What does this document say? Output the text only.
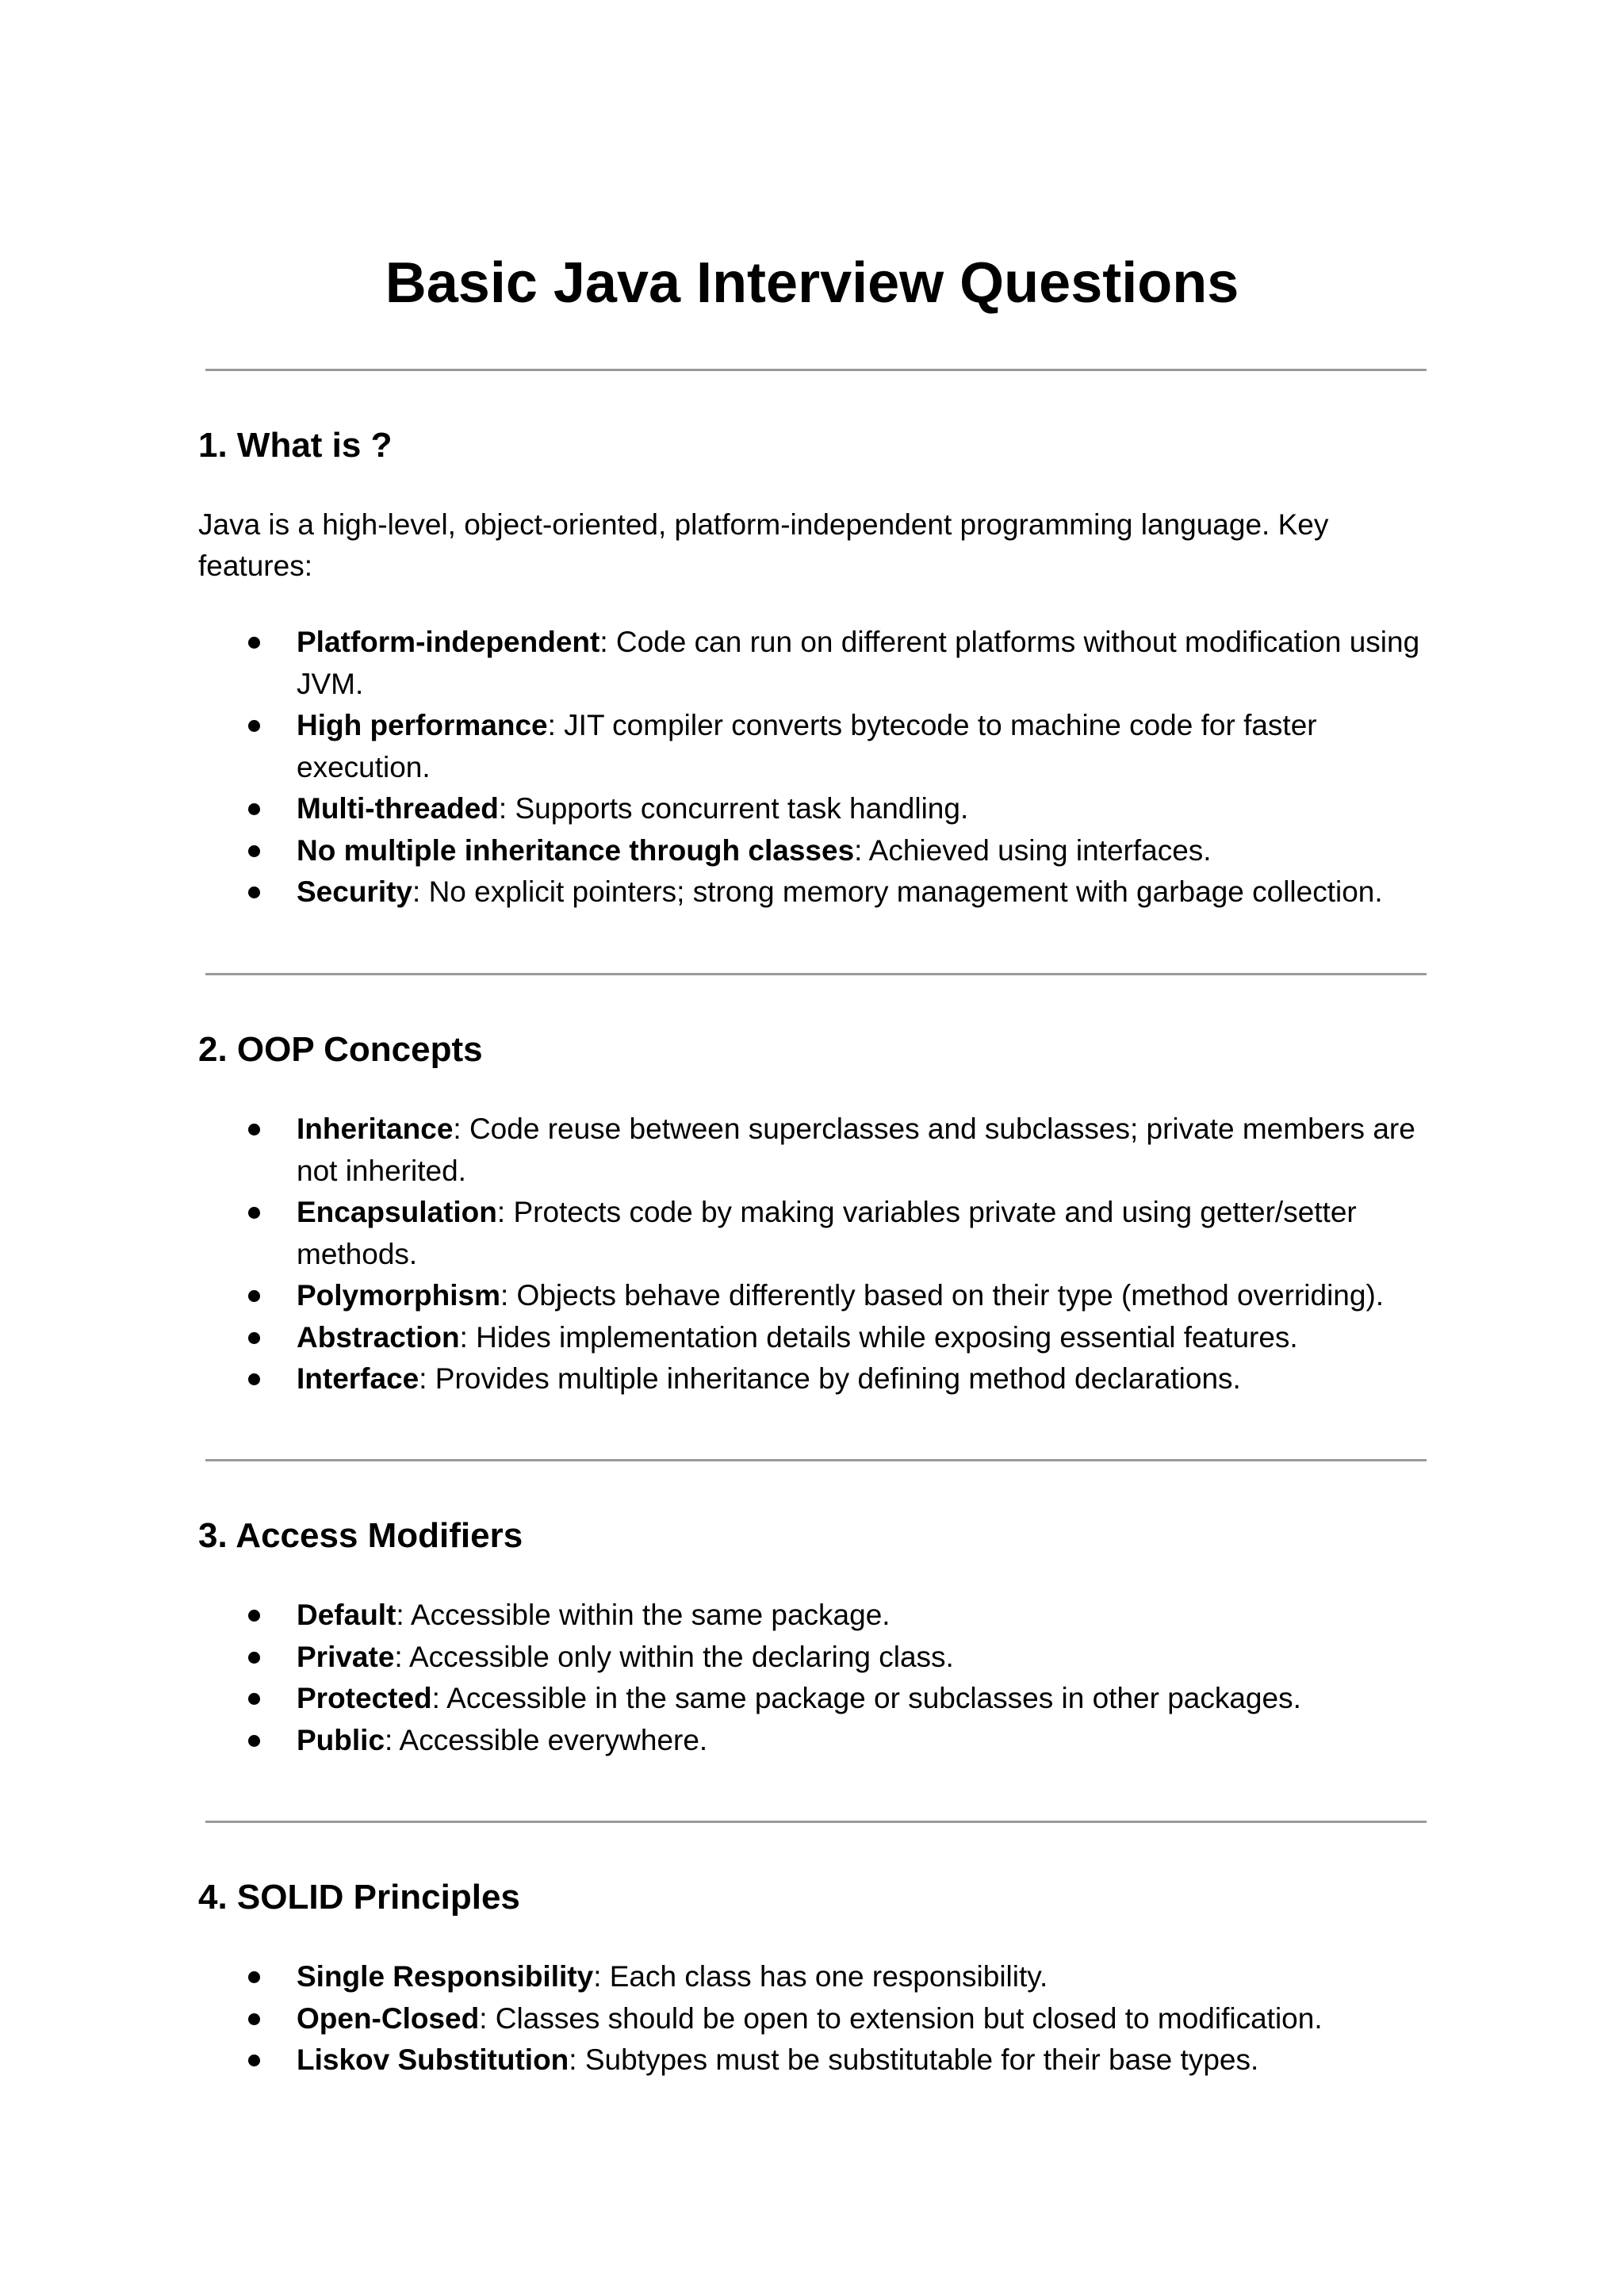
Basic Java Interview Questions
1. What is ?

Java is a high-level, object-oriented, platform-independent programming language. Key features:

Platform-independent: Code can run on different platforms without modification using JVM.
High performance: JIT compiler converts bytecode to machine code for faster execution.
Multi-threaded: Supports concurrent task handling.
No multiple inheritance through classes: Achieved using interfaces.
Security: No explicit pointers; strong memory management with garbage collection.
2. OOP Concepts
Inheritance: Code reuse between superclasses and subclasses; private members are not inherited.
Encapsulation: Protects code by making variables private and using getter/setter methods.
Polymorphism: Objects behave differently based on their type (method overriding).
Abstraction: Hides implementation details while exposing essential features.
Interface: Provides multiple inheritance by defining method declarations.
3. Access Modifiers
Default: Accessible within the same package.
Private: Accessible only within the declaring class.
Protected: Accessible in the same package or subclasses in other packages.
Public: Accessible everywhere.
4. SOLID Principles
Single Responsibility: Each class has one responsibility.
Open-Closed: Classes should be open to extension but closed to modification.
Liskov Substitution: Subtypes must be substitutable for their base types.
